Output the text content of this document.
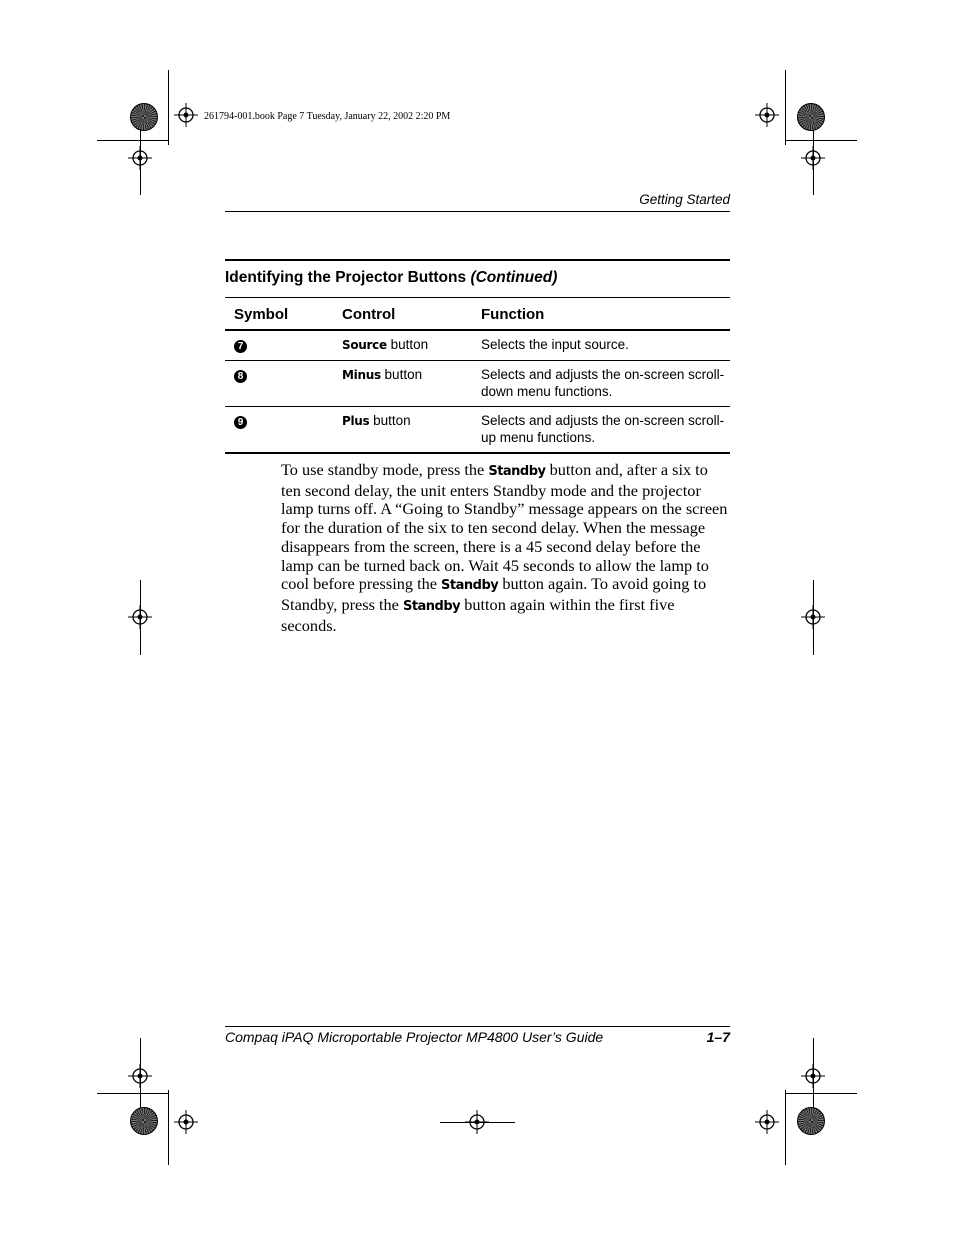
261794-001.book Page 7 Tuesday, January 22, 2002 2:20 PM
Getting Started
Identifying the Projector Buttons (Continued)
Symbol	Control	Function
7	Source button	Selects the input source.
8	Minus button	Selects and adjusts the on-screen scroll-down menu functions.
9	Plus button	Selects and adjusts the on-screen scroll-up menu functions.
To use standby mode, press the Standby button and, after a six to ten second delay, the unit enters Standby mode and the projector lamp turns off. A “Going to Standby” message appears on the screen for the duration of the six to ten second delay. When the message disappears from the screen, there is a 45 second delay before the lamp can be turned back on. Wait 45 seconds to allow the lamp to cool before pressing the Standby button again. To avoid going to Standby, press the Standby button again within the first five seconds.
Compaq iPAQ Microportable Projector MP4800 User’s Guide	1–7
